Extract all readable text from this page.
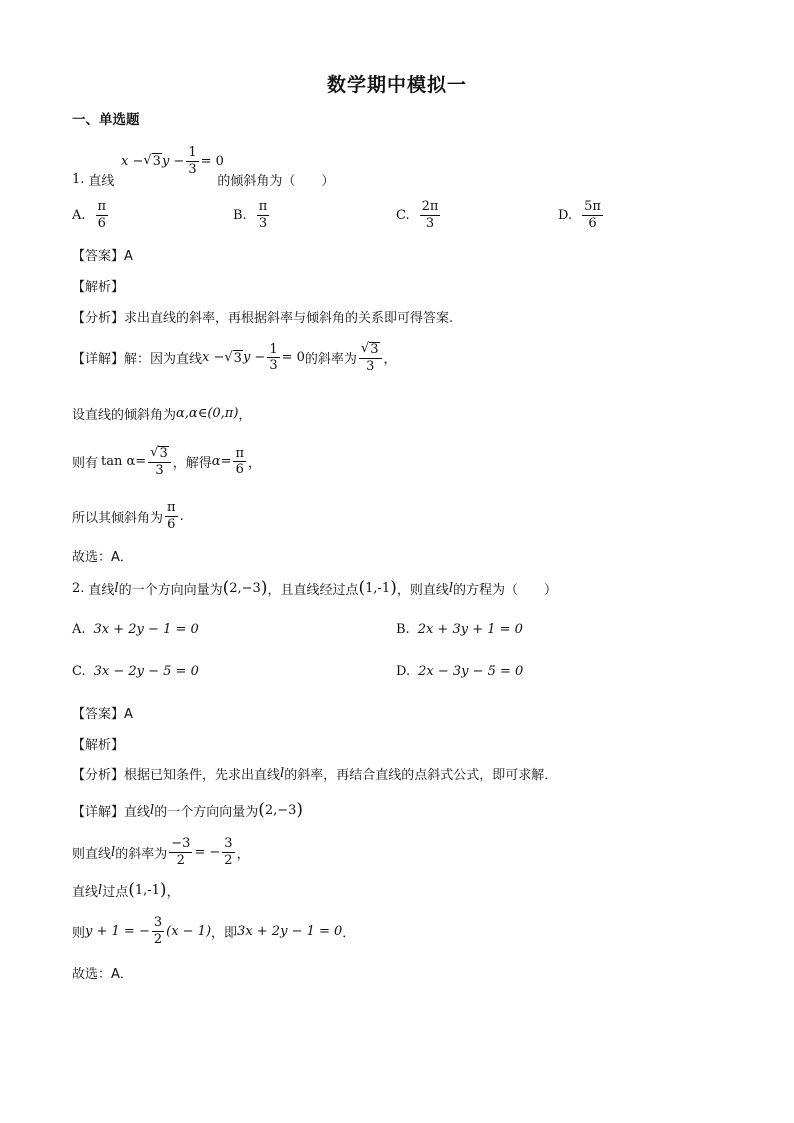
数学期中模拟一
一、单选题
x − √ 3 $y - \frac{1}{3} = 0$
1. 直线	的倾斜角为（　　）
A. $\frac{\pi}{6}$	B. $\frac{\pi}{3}$	C. $\frac{2\pi}{3}$	D. $\frac{5\pi}{6}$
【答案】A
【解析】
【分析】求出直线的斜率，再根据斜率与倾斜角的关系即可得答案.
【详解】解：因为直线 x − √ 3 $y - \frac{1}{3} = 0$ 的斜率为 $\frac{√ 3}{3}$ ，
设直线的倾斜角为 α,α∈(0,π) ，
则有 $\tan \alpha= \frac{√ 3}{3}$ ，解得 $\alpha= \frac{\pi}{6}$ ，
所以其倾斜角为 $\frac{\pi}{6}$ .
故选：A．
2. 直线 l 的一个方向向量为 ( 2,−3 ) ，且直线经过点 ( 1,-1 ) ，则直线 l 的方程为（　　）
A. 3x + 2y − 1 = 0	B. 2x + 3y + 1 = 0
C. 3x − 2y − 5 = 0	D. 2x − 3y − 5 = 0
【答案】A
【解析】
【分析】根据已知条件，先求出直线 l 的斜率，再结合直线的点斜式公式，即可求解．
【详解】直线 l 的一个方向向量为 ( 2,−3 )
则直线 l 的斜率为 $\frac{-3}{2}$ = − $\frac{3}{2}$ ，
直线 l 过点 ( 1,-1 ) ，
则 y + 1 = − $\frac{3}{2} (x - 1)$ ，即 3x + 2y − 1 = 0 ．
故选：A．
